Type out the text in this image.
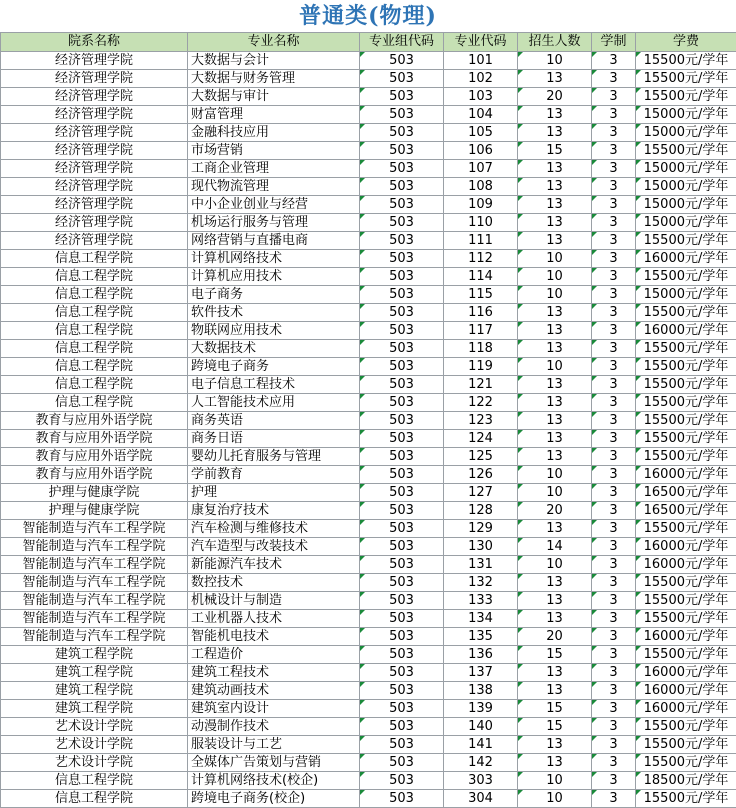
普通类(物理)
院系名称	专业名称	专业组代码	专业代码	招生人数	学制	学费
经济管理学院	大数据与会计	503	101	10	3	15500元/学年
经济管理学院	大数据与财务管理	503	102	13	3	15500元/学年
经济管理学院	大数据与审计	503	103	20	3	15500元/学年
经济管理学院	财富管理	503	104	13	3	15000元/学年
经济管理学院	金融科技应用	503	105	13	3	15000元/学年
经济管理学院	市场营销	503	106	15	3	15500元/学年
经济管理学院	工商企业管理	503	107	13	3	15000元/学年
经济管理学院	现代物流管理	503	108	13	3	15000元/学年
经济管理学院	中小企业创业与经营	503	109	13	3	15000元/学年
经济管理学院	机场运行服务与管理	503	110	13	3	15000元/学年
经济管理学院	网络营销与直播电商	503	111	13	3	15500元/学年
信息工程学院	计算机网络技术	503	112	10	3	16000元/学年
信息工程学院	计算机应用技术	503	114	10	3	15500元/学年
信息工程学院	电子商务	503	115	10	3	15000元/学年
信息工程学院	软件技术	503	116	13	3	15500元/学年
信息工程学院	物联网应用技术	503	117	13	3	16000元/学年
信息工程学院	大数据技术	503	118	13	3	15500元/学年
信息工程学院	跨境电子商务	503	119	10	3	15500元/学年
信息工程学院	电子信息工程技术	503	121	13	3	15500元/学年
信息工程学院	人工智能技术应用	503	122	13	3	15500元/学年
教育与应用外语学院	商务英语	503	123	13	3	15500元/学年
教育与应用外语学院	商务日语	503	124	13	3	15500元/学年
教育与应用外语学院	婴幼儿托育服务与管理	503	125	13	3	15500元/学年
教育与应用外语学院	学前教育	503	126	10	3	16000元/学年
护理与健康学院	护理	503	127	10	3	16500元/学年
护理与健康学院	康复治疗技术	503	128	20	3	16500元/学年
智能制造与汽车工程学院	汽车检测与维修技术	503	129	13	3	15500元/学年
智能制造与汽车工程学院	汽车造型与改装技术	503	130	14	3	16000元/学年
智能制造与汽车工程学院	新能源汽车技术	503	131	10	3	16000元/学年
智能制造与汽车工程学院	数控技术	503	132	13	3	15500元/学年
智能制造与汽车工程学院	机械设计与制造	503	133	13	3	15500元/学年
智能制造与汽车工程学院	工业机器人技术	503	134	13	3	15500元/学年
智能制造与汽车工程学院	智能机电技术	503	135	20	3	16000元/学年
建筑工程学院	工程造价	503	136	15	3	15500元/学年
建筑工程学院	建筑工程技术	503	137	13	3	16000元/学年
建筑工程学院	建筑动画技术	503	138	13	3	16000元/学年
建筑工程学院	建筑室内设计	503	139	15	3	16000元/学年
艺术设计学院	动漫制作技术	503	140	15	3	15500元/学年
艺术设计学院	服装设计与工艺	503	141	13	3	15500元/学年
艺术设计学院	全媒体广告策划与营销	503	142	13	3	15500元/学年
信息工程学院	计算机网络技术(校企)	503	303	10	3	18500元/学年
信息工程学院	跨境电子商务(校企)	503	304	10	3	15500元/学年
